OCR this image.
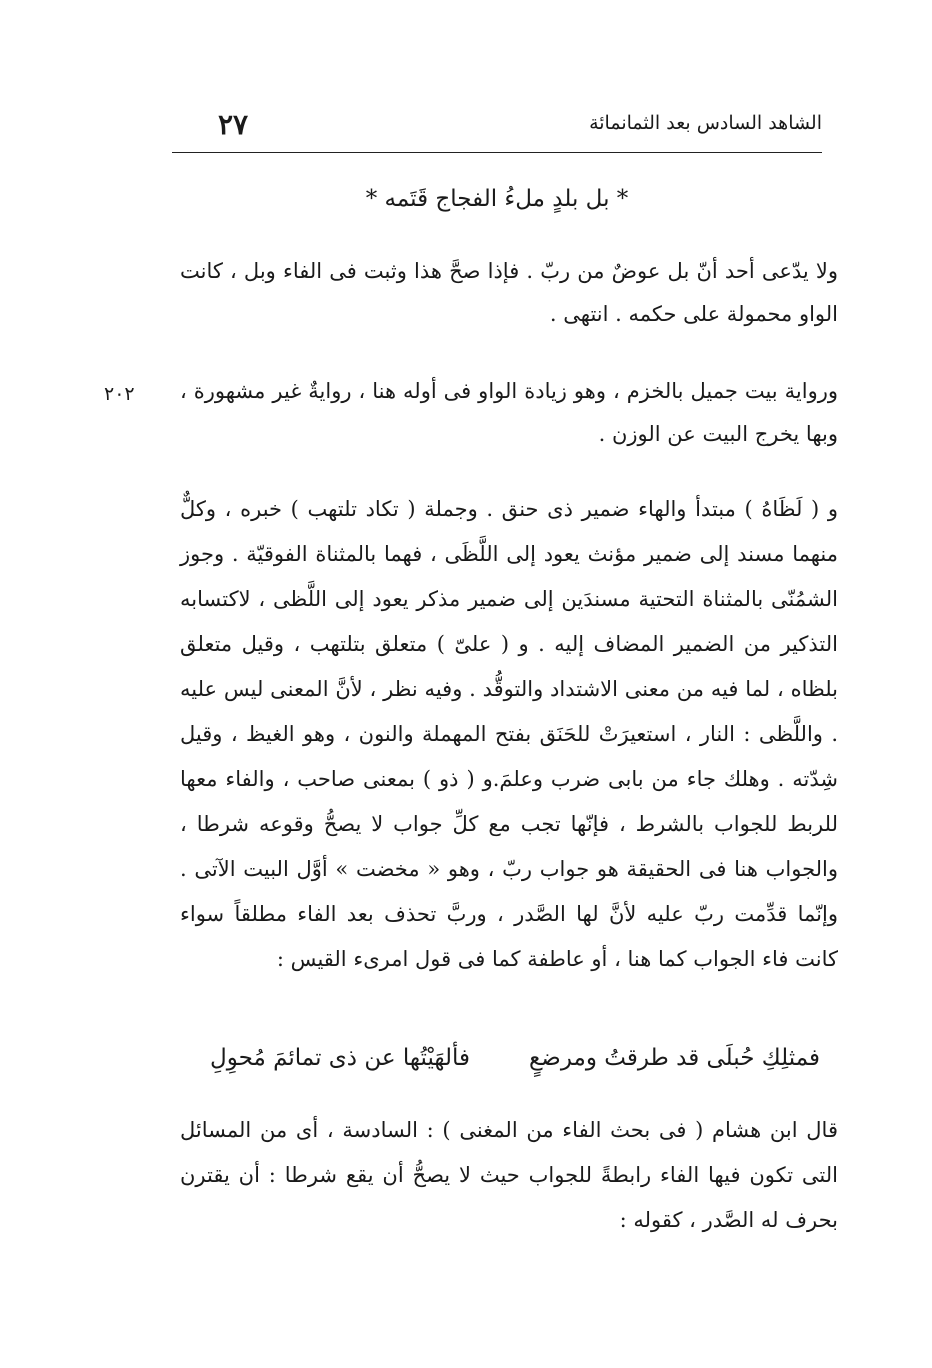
الشاهد السادس بعد الثمانمائة
٢٧
* بل بلدٍ ملءُ الفجاج قَتَمه *
ولا يدّعى أحد أنّ بل عوضٌ من ربّ . فإذا صحَّ هذا وثبت فى الفاء وبل ، كانت الواو محمولة على حكمه . انتهى .
٢٠٢ ورواية بيت جميل بالخزم ، وهو زيادة الواو فى أوله هنا ، روايةٌ غير مشهورة ، وبها يخرج البيت عن الوزن .
و ( لَظَاهُ ) مبتدأ والهاء ضمير ذى حنق . وجملة ( تكاد تلتهب ) خبره ، وكلٌّ منهما مسند إلى ضمير مؤنث يعود إلى اللَّظَى ، فهما بالمثناة الفوقيّة . وجوز الشمُنّى بالمثناة التحتية مسندَين إلى ضمير مذكر يعود إلى اللَّظى ، لاكتسابه التذكير من الضمير المضاف إليه . و ( علىّ ) متعلق بتلتهب ، وقيل متعلق بلظاه ، لما فيه من معنى الاشتداد والتوقُّد . وفيه نظر ، لأنَّ المعنى ليس عليه . واللَّظى : النار ، استعيرَتْ للحَنَق بفتح المهملة والنون ، وهو الغيظ ، وقيل شِدّته . وهلك جاء من بابى ضرب وعلمَ.و ( ذو ) بمعنى صاحب ، والفاء معها للربط للجواب بالشرط ، فإنّها تجب مع كلِّ جواب لا يصحُّ وقوعه شرطا ، والجواب هنا فى الحقيقة هو جواب ربّ ، وهو « مخضت » أوَّل البيت الآتى . وإنّما قدِّمت ربّ عليه لأنَّ لها الصَّدر ، وربَّ تحذف بعد الفاء مطلقاً سواء كانت فاء الجواب كما هنا ، أو عاطفة كما فى قول امرىء القيس :
فمثلِكِ حُبلَى قد طرقتُ ومرضعٍ
فألهَيْتُها عن ذى تمائمَ مُحوِلِ
قال ابن هشام ( فى بحث الفاء من المغنى ) : السادسة ، أى من المسائل التى تكون فيها الفاء رابطةً للجواب حيث لا يصحُّ أن يقع شرطا : أن يقترن بحرف له الصَّدر ، كقوله :
